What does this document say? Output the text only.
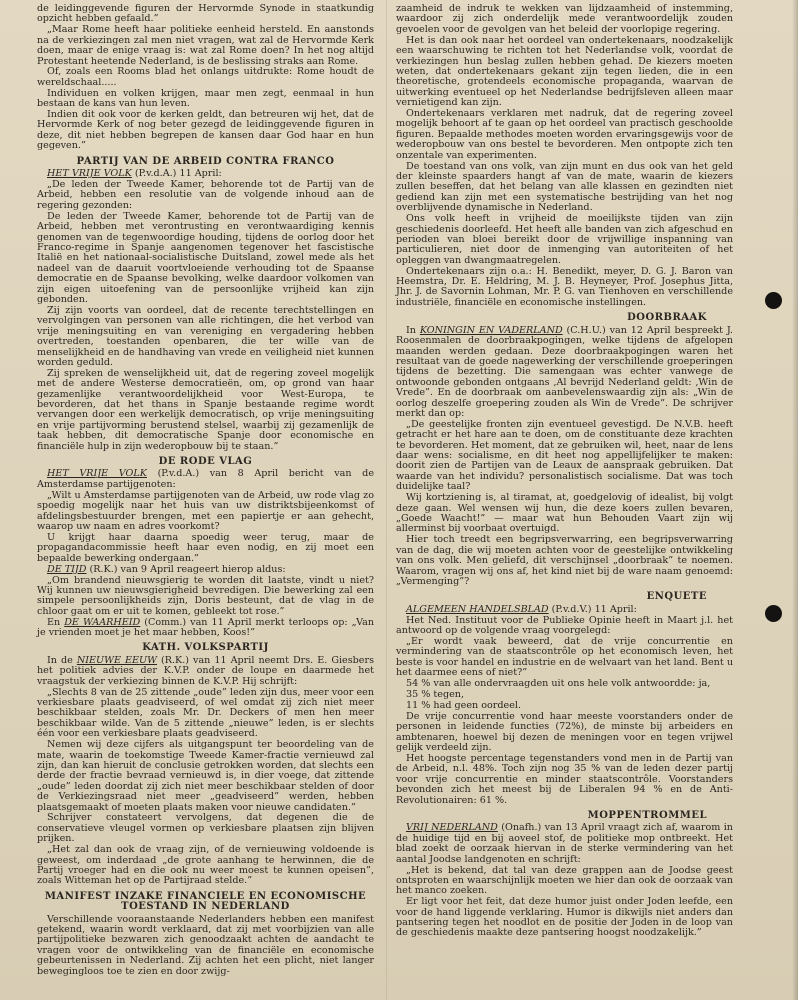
de leidinggevende figuren der Hervormde Synode in staatkundig opzicht hebben gefaald.”

„Maar Rome heeft haar politieke eenheid hersteld. En aanstonds na de verkiezingen zal men niet vragen, wat zal de Hervormde Kerk doen, maar de enige vraag is: wat zal Rome doen? In het nog altijd Protestant heetende Nederland, is de beslissing straks aan Rome.

Of, zoals een Rooms blad het onlangs uitdrukte: Rome houdt de wereldschaal.....

Individuen en volken krijgen, maar men zegt, eenmaal in hun bestaan de kans van hun leven.

Indien dit ook voor de kerken geldt, dan betreuren wij het, dat de Hervormde Kerk of nog beter gezegd de leidinggevende figuren in deze, dit niet hebben begrepen de kansen daar God haar en hun gegeven.”

PARTIJ VAN DE ARBEID CONTRA FRANCO

HET VRIJE VOLK (P.v.d.A.) 11 April:

„De leden der Tweede Kamer, behorende tot de Partij van de Arbeid, hebben een resolutie van de volgende inhoud aan de regering gezonden:

De leden der Tweede Kamer, behorende tot de Partij van de Arbeid, hebben met verontrusting en verontwaardiging kennis genomen van de tegenwoordige houding, tijdens de oorlog door het Franco-regime in Spanje aangenomen tegenover het fascistische Italië en het nationaal-socialistische Duitsland, zowel mede als het nadeel van de daaruit voortvloeiende verhouding tot de Spaanse democratie en de Spaanse bevolking, welke daardoor volkomen van zijn eigen uitoefening van de persoonlijke vrijheid kan zijn gebonden.

Zij zijn voorts van oordeel, dat de recente terechtstellingen en vervolgingen van personen van alle richtingen, die het verbod van vrije meningsuiting en van vereniging en vergadering hebben overtreden, toestanden openbaren, die ter wille van de menselijkheid en de handhaving van vrede en veiligheid niet kunnen worden geduld.

Zij spreken de wenselijkheid uit, dat de regering zoveel mogelijk met de andere Westerse democratieën, om, op grond van haar gezamenlijke verantwoordelijkheid voor West-Europa, te bevorderen, dat het thans in Spanje bestaande regime wordt vervangen door een werkelijk democratisch, op vrije meningsuiting en vrije partijvorming berustend stelsel, waarbij zij gezamenlijk de taak hebben, dit democratische Spanje door economische en financiële hulp in zijn wederopbouw bij te staan.”

DE RODE VLAG

HET VRIJE VOLK (P.v.d.A.) van 8 April bericht van de Amsterdamse partijgenoten:

„Wilt u Amsterdamse partijgenoten van de Arbeid, uw rode vlag zo spoedig mogelijk naar het huis van uw distriktsbijeenkomst of afdelingsbestuurder brengen, met een papiertje er aan gehecht, waarop uw naam en adres voorkomt?

U krijgt haar daarna spoedig weer terug, maar de propagandacommissie heeft haar even nodig, en zij moet een bepaalde bewerking ondergaan.”

DE TIJD (R.K.) van 9 April reageert hierop aldus:

„Om brandend nieuwsgierig te worden dit laatste, vindt u niet? Wij kunnen uw nieuwsgierigheid bevredigen. Die bewerking zal een simpele persoonlijkheids zijn, Doris besteunt, dat de vlag in de chloor gaat om er uit te komen, gebleekt tot rose.”

En DE WAARHEID (Comm.) van 11 April merkt terloops op: „Van je vrienden moet je het maar hebben, Koos!”

KATH. VOLKSPARTIJ

In de NIEUWE EEUW (R.K.) van 11 April neemt Drs. E. Giesbers het politiek advies der K.V.P. onder de loupe en daarmede het vraagstuk der verkiezing binnen de K.V.P. Hij schrijft:

„Slechts 8 van de 25 zittende „oude” leden zijn dus, meer voor een verkiesbare plaats geadviseerd, of wel omdat zij zich niet meer beschikbaar stelden, zoals Mr. Dr. Deckers of men hen meer beschikbaar wilde. Van de 5 zittende „nieuwe” leden, is er slechts één voor een verkiesbare plaats geadviseerd.

Nemen wij deze cijfers als uitgangspunt ter beoordeling van de mate, waarin de toekomstige Tweede Kamer-fractie vernieuwd zal zijn, dan kan hieruit de conclusie getrokken worden, dat slechts een derde der fractie bevraad vernieuwd is, in dier voege, dat zittende „oude” leden doordat zij zich niet meer beschikbaar stelden of door de Verkiezingsraad niet meer „geadviseerd” werden, hebben plaatsgemaakt of moeten plaats maken voor nieuwe candidaten.”

Schrijver constateert vervolgens, dat degenen die de conservatieve vleugel vormen op verkiesbare plaatsen zijn blijven prijken.

„Het zal dan ook de vraag zijn, of de vernieuwing voldoende is geweest, om inderdaad „de grote aanhang te herwinnen, die de Partij vroeger had en die ook nu weer moest te kunnen opeisen”, zoals Witteman het op de Partijraad stelde.”

MANIFEST INZAKE FINANCIELE EN ECONOMISCHE TOESTAND IN NEDERLAND

Verschillende vooraanstaande Nederlanders hebben een manifest getekend, waarin wordt verklaard, dat zij met voorbijzien van alle partijpolitieke bezwaren zich genoodzaakt achten de aandacht te vragen voor de ontwikkeling van de financiële en economische gebeurtenissen in Nederland. Zij achten het een plicht, niet langer bewegingloos toe te zien en door zwijg-

zaamheid de indruk te wekken van lijdzaamheid of instemming, waardoor zij zich onderdelijk mede verantwoordelijk zouden gevoelen voor de gevolgen van het beleid der voorlopige regering.

Het is dan ook naar het oordeel van ondertekenaars, noodzakelijk een waarschuwing te richten tot het Nederlandse volk, voordat de verkiezingen hun beslag zullen hebben gehad. De kiezers moeten weten, dat ondertekenaars gekant zijn tegen lieden, die in een theoretische, grotendeels economische propaganda, waarvan de uitwerking eventueel op het Nederlandse bedrijfsleven alleen maar vernietigend kan zijn.

Ondertekenaars verklaren met nadruk, dat de regering zoveel mogelijk behoort af te gaan op het oordeel van practisch geschoolde figuren. Bepaalde methodes moeten worden ervaringsgewijs voor de wederopbouw van ons bestel te bevorderen. Men ontpopte zich ten onzentale van experimenten.

De toestand van ons volk, van zijn munt en dus ook van het geld der kleinste spaarders hangt af van de mate, waarin de kiezers zullen beseffen, dat het belang van alle klassen en gezindten niet gediend kan zijn met een systematische bestrijding van het nog overblijvende dynamische in Nederland.

Ons volk heeft in vrijheid de moeilijkste tijden van zijn geschiedenis doorleefd. Het heeft alle banden van zich afgeschud en perioden van bloei bereikt door de vrijwillige inspanning van particulieren, niet door de inmenging van autoriteiten of het opleggen van dwangmaatregelen.

Ondertekenaars zijn o.a.: H. Benedikt, meyer, D. G. J. Baron van Heemstra, Dr. E. Heldring, M. J. B. Heyneyer, Prof. Josephus Jitta, Jhr. J. de Savornin Lohman, Mr. P. G. van Tienhoven en verschillende industriële, financiële en economische instellingen.

DOORBRAAK

In KONINGIN EN VADERLAND (C.H.U.) van 12 April bespreekt J. Roosenmalen de doorbraakpogingen, welke tijdens de afgelopen maanden werden gedaan. Deze doorbraakpogingen waren het resultaat van de goede nagewerking der verschillende groeperingen tijdens de bezetting. Die samengaan was echter vanwege de ontwoonde gebonden ontgaans ‚Al bevrijd Nederland geldt: ‚Win de Vrede”. En de doorbraak om aanbevelenswaardig zijn als: „Win de oorlog deszelfe groepering zouden als Win de Vrede”. De schrijver merkt dan op:

„De geestelijke fronten zijn eventueel gevestigd. De N.V.B. heeft getracht er het hare aan te doen, om de constituante deze krachten te bevorderen. Het moment, dat ze gebruiken wil, heet, naar de lens daar wens: socialisme, en dit heet nog appellijfelijker te maken: doorit zien de Partijen van de Leaux de aanspraak gebruiken. Dat waarde van het individu? personalistisch socialisme. Dat was toch duidelijke taal?

Wij kortziening is, al tiramat, at, goedgelovig of idealist, bij volgt deze gaan. Wel wensen wij hun, die deze koers zullen bevaren, „Goede Waacht!” — maar wat hun Behouden Vaart zijn wij allerminst bij voorbaat overtuigd.

Hier toch treedt een begripsverwarring, een begripsverwarring van de dag, die wij moeten achten voor de geestelijke ontwikkeling van ons volk. Men geliefd, dit verschijnsel „doorbraak” te noemen. Waarom, vragen wij ons af, het kind niet bij de ware naam genoemd: „Vermenging”?

ENQUETE

ALGEMEEN HANDELSBLAD (P.v.d.V.) 11 April:

Het Ned. Instituut voor de Publieke Opinie heeft in Maart j.l. het antwoord op de volgende vraag voorgelegd:

„Er wordt vaak beweerd, dat de vrije concurrentie en vermindering van de staatscontrôle op het economisch leven, het beste is voor handel en industrie en de welvaart van het land. Bent u het daarmee eens of niet?”

54 % van alle ondervraagden uit ons hele volk antwoordde: ja,

35 % tegen,

11 % had geen oordeel.

De vrije concurrentie vond haar meeste voorstanders onder de personen in leidende functies (72%), de minste bij arbeiders en ambtenaren, hoewel bij dezen de meningen voor en tegen vrijwel gelijk verdeeld zijn.

Het hoogste percentage tegenstanders vond men in de Partij van de Arbeid, n.l. 48%. Toch zijn nog 35 % van de leden dezer partij voor vrije concurrentie en minder staatscontrôle. Voorstanders bevonden zich het meest bij de Liberalen 94 % en de Anti-Revolutionairen: 61 %.

MOPPENTROMMEL

VRIJ NEDERLAND (Onafh.) van 13 April vraagt zich af, waarom in de huidige tijd en bij aoveel stof, de politieke mop ontbreekt. Het blad zoekt de oorzaak hiervan in de sterke vermindering van het aantal Joodse landgenoten en schrijft:

„Het is bekend, dat tal van deze grappen aan de Joodse geest ontsproten en waarschijnlijk moeten we hier dan ook de oorzaak van het manco zoeken.

Er ligt voor het feit, dat deze humor juist onder Joden leefde, een voor de hand liggende verklaring. Humor is dikwijls niet anders dan pantsering tegen het noodlot en de positie der Joden in de loop van de geschiedenis maakte deze pantsering hoogst noodzakelijk.”
